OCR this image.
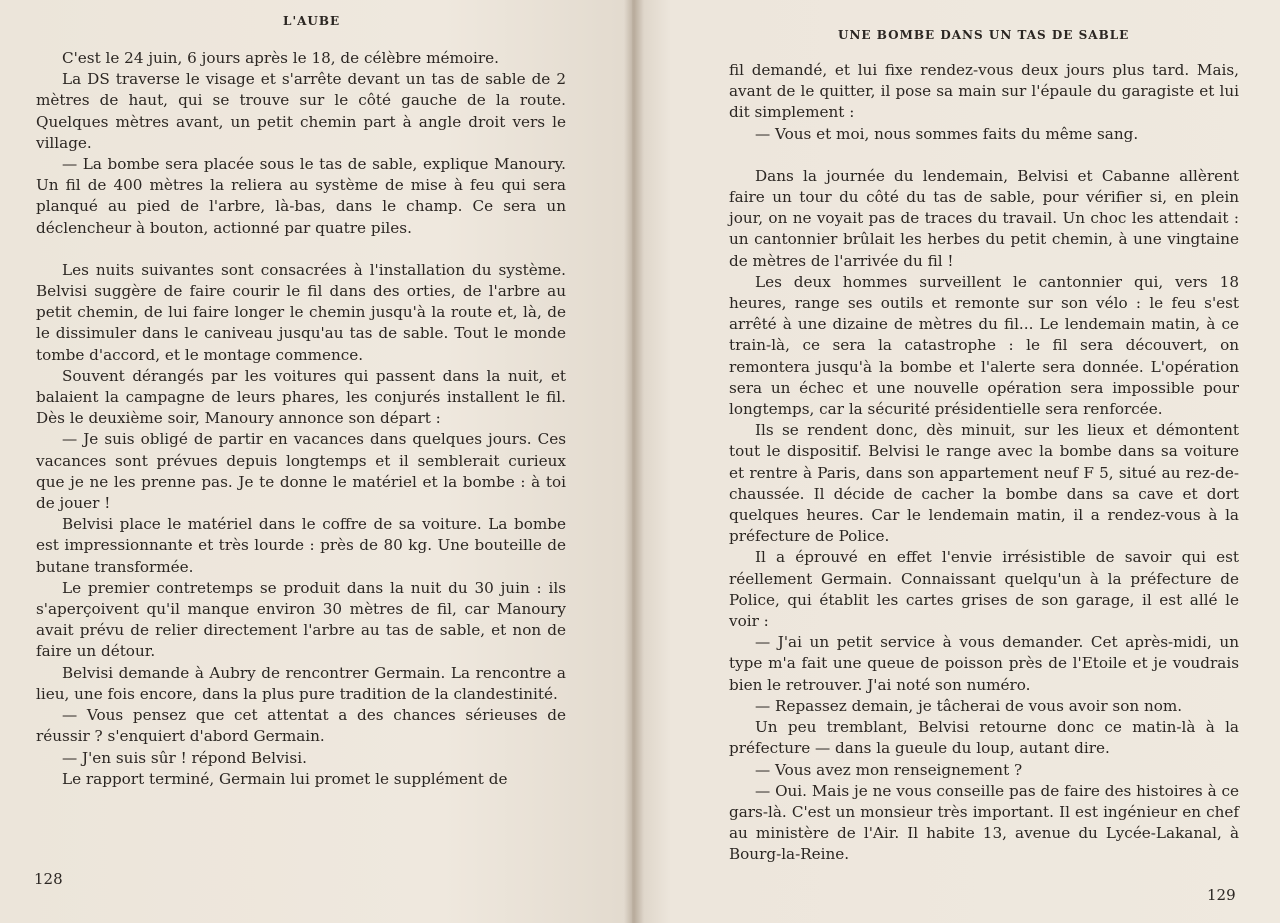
L'AUBE

C'est le 24 juin, 6 jours après le 18, de célèbre mémoire.

La DS traverse le visage et s'arrête devant un tas de sable de 2 mètres de haut, qui se trouve sur le côté gauche de la route. Quelques mètres avant, un petit chemin part à angle droit vers le village.

— La bombe sera placée sous le tas de sable, explique Manoury. Un fil de 400 mètres la reliera au système de mise à feu qui sera planqué au pied de l'arbre, là-bas, dans le champ. Ce sera un déclencheur à bouton, actionné par quatre piles.

Les nuits suivantes sont consacrées à l'installation du système. Belvisi suggère de faire courir le fil dans des orties, de l'arbre au petit chemin, de lui faire longer le chemin jusqu'à la route et, là, de le dissimuler dans le caniveau jusqu'au tas de sable. Tout le monde tombe d'accord, et le montage commence.

Souvent dérangés par les voitures qui passent dans la nuit, et balaient la campagne de leurs phares, les conjurés installent le fil. Dès le deuxième soir, Manoury annonce son départ :

— Je suis obligé de partir en vacances dans quelques jours. Ces vacances sont prévues depuis longtemps et il semblerait curieux que je ne les prenne pas. Je te donne le matériel et la bombe : à toi de jouer !

Belvisi place le matériel dans le coffre de sa voiture. La bombe est impressionnante et très lourde : près de 80 kg. Une bouteille de butane transformée.

Le premier contretemps se produit dans la nuit du 30 juin : ils s'aperçoivent qu'il manque environ 30 mètres de fil, car Manoury avait prévu de relier directement l'arbre au tas de sable, et non de faire un détour.

Belvisi demande à Aubry de rencontrer Germain. La rencontre a lieu, une fois encore, dans la plus pure tradition de la clandestinité.

— Vous pensez que cet attentat a des chances sérieuses de réussir ? s'enquiert d'abord Germain.

— J'en suis sûr ! répond Belvisi.

Le rapport terminé, Germain lui promet le supplément de

128
UNE BOMBE DANS UN TAS DE SABLE

fil demandé, et lui fixe rendez-vous deux jours plus tard. Mais, avant de le quitter, il pose sa main sur l'épaule du garagiste et lui dit simplement :

— Vous et moi, nous sommes faits du même sang.

Dans la journée du lendemain, Belvisi et Cabanne allèrent faire un tour du côté du tas de sable, pour vérifier si, en plein jour, on ne voyait pas de traces du travail. Un choc les attendait : un cantonnier brûlait les herbes du petit chemin, à une vingtaine de mètres de l'arrivée du fil !

Les deux hommes surveillent le cantonnier qui, vers 18 heures, range ses outils et remonte sur son vélo : le feu s'est arrêté à une dizaine de mètres du fil... Le lendemain matin, à ce train-là, ce sera la catastrophe : le fil sera découvert, on remontera jusqu'à la bombe et l'alerte sera donnée. L'opération sera un échec et une nouvelle opération sera impossible pour longtemps, car la sécurité présidentielle sera renforcée.

Ils se rendent donc, dès minuit, sur les lieux et démontent tout le dispositif. Belvisi le range avec la bombe dans sa voiture et rentre à Paris, dans son appartement neuf F 5, situé au rez-de-chaussée. Il décide de cacher la bombe dans sa cave et dort quelques heures. Car le lendemain matin, il a rendez-vous à la préfecture de Police.

Il a éprouvé en effet l'envie irrésistible de savoir qui est réellement Germain. Connaissant quelqu'un à la préfecture de Police, qui établit les cartes grises de son garage, il est allé le voir :

— J'ai un petit service à vous demander. Cet après-midi, un type m'a fait une queue de poisson près de l'Etoile et je voudrais bien le retrouver. J'ai noté son numéro.

— Repassez demain, je tâcherai de vous avoir son nom.

Un peu tremblant, Belvisi retourne donc ce matin-là à la préfecture — dans la gueule du loup, autant dire.

— Vous avez mon renseignement ?

— Oui. Mais je ne vous conseille pas de faire des histoires à ce gars-là. C'est un monsieur très important. Il est ingénieur en chef au ministère de l'Air. Il habite 13, avenue du Lycée-Lakanal, à Bourg-la-Reine.

129
